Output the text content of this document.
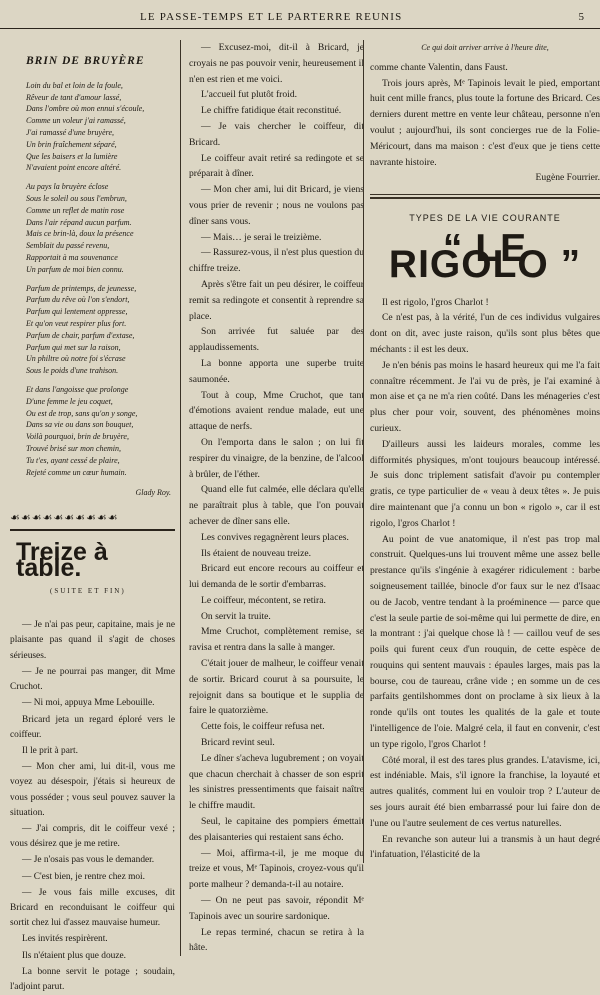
LE PASSE-TEMPS ET LE PARTERRE REUNIS	5
BRIN DE BRUYÈRE
Loin du bal et loin de la foule,
Rêveur de tant d'amour lassé,
Dans l'ombre où mon ennui s'écoule,
Comme un voleur j'ai ramassé,
J'ai ramassé d'une bruyère,
Un brin fraîchement séparé,
Que les baisers et la lumière
N'avaient point encore altéré.
Au pays la bruyère éclose
Sous le soleil ou sous l'embrun,
Comme un reflet de matin rose
Dans l'air répand aucun parfum.
Mais ce brin-là, doux la présence
Semblait du passé revenu,
Rapportait à ma souvenance
Un parfum de moi bien connu.
Parfum de printemps, de jeunesse,
Parfum du rêve où l'on s'endort,
Parfum qui lentement oppresse,
Et qu'on veut respirer plus fort.
Parfum de chair, parfum d'extase,
Parfum qui met sur la raison,
Un philtre où notre foi s'écrase
Sous le poids d'une trahison.
Et dans l'angoisse que prolonge
D'une femme le jeu coquet,
Ou est de trop, sans qu'on y songe,
Dans sa vie ou dans son bouquet,
Voilà pourquoi, brin de bruyère,
Trouvé brisé sur mon chemin,
Tu t'es, ayant cessé de plaire,
Rejeté comme un cœur humain.
Glady Roy.
☙☙☙☙☙☙☙☙☙☙
Treize à table.
(SUITE ET FIN)

— Je n'ai pas peur, capitaine, mais je ne plaisante pas quand il s'agit de choses sérieuses.

— Je ne pourrai pas manger, dit Mme Cruchot.

— Ni moi, appuya Mme Lebouille.

Bricard jeta un regard éploré vers le coiffeur.

Il le prit à part.

— Mon cher ami, lui dit-il, vous me voyez au désespoir, j'étais si heureux de vous posséder ; vous seul pouvez sauver la situation.

— J'ai compris, dit le coiffeur vexé ; vous désirez que je me retire.

— Je n'osais pas vous le demander.

— C'est bien, je rentre chez moi.

— Je vous fais mille excuses, dit Bricard en reconduisant le coiffeur qui sortit chez lui d'assez mauvaise humeur.

Les invités respirèrent.

Ils n'étaient plus que douze.

La bonne servit le potage ; soudain, l'adjoint parut.

— Excusez-moi, dit-il à Bricard, je croyais ne pas pouvoir venir, heureusement il n'en est rien et me voici.

L'accueil fut plutôt froid.

Le chiffre fatidique était reconstitué.

— Je vais chercher le coiffeur, dit Bricard.

Le coiffeur avait retiré sa redingote et se préparait à dîner.

— Mon cher ami, lui dit Bricard, je viens vous prier de revenir ; nous ne voulons pas dîner sans vous.

— Mais… je serai le treizième.

— Rassurez-vous, il n'est plus question du chiffre treize.

Après s'être fait un peu désirer, le coiffeur remit sa redingote et consentit à reprendre sa place.

Son arrivée fut saluée par des applaudissements.

La bonne apporta une superbe truite saumonée.

Tout à coup, Mme Cruchot, que tant d'émotions avaient rendue malade, eut une attaque de nerfs.

On l'emporta dans le salon ; on lui fit respirer du vinaigre, de la benzine, de l'alcool à brûler, de l'éther.

Quand elle fut calmée, elle déclara qu'elle ne paraîtrait plus à table, que l'on pouvait achever de dîner sans elle.

Les convives regagnèrent leurs places.

Ils étaient de nouveau treize.

Bricard eut encore recours au coiffeur et lui demanda de le sortir d'embarras.

Le coiffeur, mécontent, se retira.

On servit la truite.

Mme Cruchot, complètement remise, se ravisa et rentra dans la salle à manger.

C'était jouer de malheur, le coiffeur venait de sortir. Bricard courut à sa poursuite, le rejoignit dans sa boutique et le supplia de faire le quatorzième.

Cette fois, le coiffeur refusa net.

Bricard revint seul.

Le dîner s'acheva lugubrement ; on voyait que chacun cherchait à chasser de son esprit les sinistres pressentiments que faisait naître le chiffre maudit.

Seul, le capitaine des pompiers émettait des plaisanteries qui restaient sans écho.

— Moi, affirma-t-il, je me moque du treize et vous, Mᵉ Tapinois, croyez-vous qu'il porte malheur ? demanda-t-il au notaire.

— On ne peut pas savoir, répondit Mᵉ Tapinois avec un sourire sardonique.

Le repas terminé, chacun se retira à la hâte.

Ce qui doit arriver arrive à l'heure dite,

comme chante Valentin, dans Faust.

Trois jours après, Mᵉ Tapinois levait le pied, emportant huit cent mille francs, plus toute la fortune des Bricard. Ces derniers durent mettre en vente leur château, personne n'en voulut ; aujourd'hui, ils sont concierges rue de la Folie-Méricourt, dans ma maison : c'est d'eux que je tiens cette navrante histoire.

Eugène Fourrier.

TYPES DE LA VIE COURANTE
“ LE RIGOLO ”

Il est rigolo, l'gros Charlot !

Ce n'est pas, à la vérité, l'un de ces individus vulgaires dont on dit, avec juste raison, qu'ils sont plus bêtes que méchants : il est les deux.

Je n'en bénis pas moins le hasard heureux qui me l'a fait connaître récemment. Je l'ai vu de près, je l'ai examiné à mon aise et ça ne m'a rien coûté. Dans les ménageries c'est plus cher pour voir, souvent, des phénomènes moins curieux.

D'ailleurs aussi les laideurs morales, comme les difformités physiques, m'ont toujours beaucoup intéressé. Je suis donc triplement satisfait d'avoir pu contempler gratis, ce type particulier de « veau à deux têtes ». Je puis dire maintenant que j'a connu un bon « rigolo », car il est rigolo, l'gros Charlot !

Au point de vue anatomique, il n'est pas trop mal construit. Quelques-uns lui trouvent même une assez belle prestance qu'ils s'ingénie à exagérer ridiculement : barbe soigneusement taillée, binocle d'or faux sur le nez d'Isaac ou de Jacob, ventre tendant à la proéminence — parce que c'est la seule partie de soi-même qui lui permette de dire, en la montrant : j'ai quelque chose là ! — caillou veuf de ses poils qui furent ceux d'un rouquin, de cette espèce de rouquins qui sentent mauvais : épaules larges, mais pas la bourse, cou de taureau, crâne vide ; en somme un de ces parfaits gentilshommes dont on proclame à six lieux à la ronde qu'ils ont toutes les qualités de la gale et toute l'intelligence de l'oie. Malgré cela, il faut en convenir, c'est un type rigolo, l'gros Charlot !

Côté moral, il est des tares plus grandes. L'atavisme, ici, est indéniable. Mais, s'il ignore la franchise, la loyauté et autres qualités, comment lui en vouloir trop ? L'auteur de ses jours aurait été bien embarrassé pour lui faire don de l'une ou l'autre seulement de ces vertus naturelles.

En revanche son auteur lui a transmis à un haut degré l'infatuation, l'élasticité de la
